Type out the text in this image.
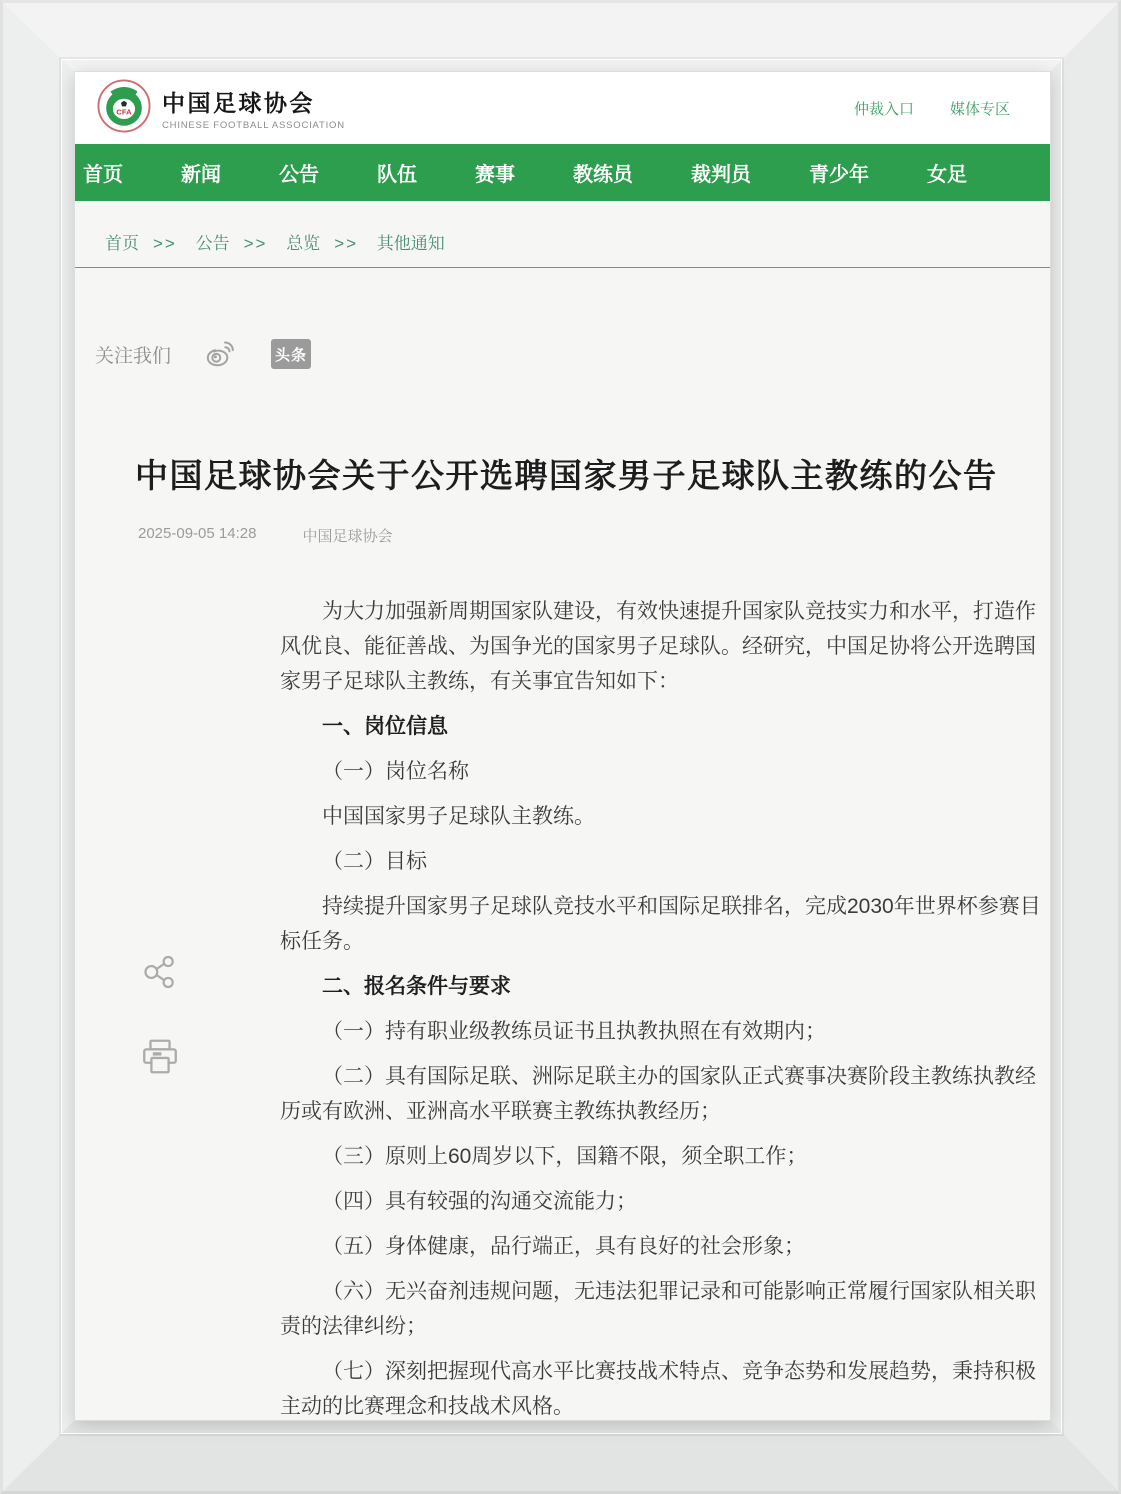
CFA 中国足球协会
CHINESE FOOTBALL ASSOCIATION
仲裁入口 媒体专区
首页	新闻	公告	队伍	赛事	教练员	裁判员	青少年	女足
首页 >> 公告 >> 总览 >> 其他通知
关注我们	头条
中国足球协会关于公开选聘国家男子足球队主教练的公告
2025-09-05 14:28	中国足球协会

为大力加强新周期国家队建设，有效快速提升国家队竞技实力和水平，打造作风优良、能征善战、为国争光的国家男子足球队。经研究，中国足协将公开选聘国家男子足球队主教练，有关事宜告知如下：

一、岗位信息

（一）岗位名称

中国国家男子足球队主教练。

（二）目标

持续提升国家男子足球队竞技水平和国际足联排名，完成2030年世界杯参赛目标任务。

二、报名条件与要求

（一）持有职业级教练员证书且执教执照在有效期内；

（二）具有国际足联、洲际足联主办的国家队正式赛事决赛阶段主教练执教经历或有欧洲、亚洲高水平联赛主教练执教经历；

（三）原则上60周岁以下，国籍不限，须全职工作；

（四）具有较强的沟通交流能力；

（五）身体健康，品行端正，具有良好的社会形象；

（六）无兴奋剂违规问题，无违法犯罪记录和可能影响正常履行国家队相关职责的法律纠纷；

（七）深刻把握现代高水平比赛技战术特点、竞争态势和发展趋势，秉持积极主动的比赛理念和技战术风格。
